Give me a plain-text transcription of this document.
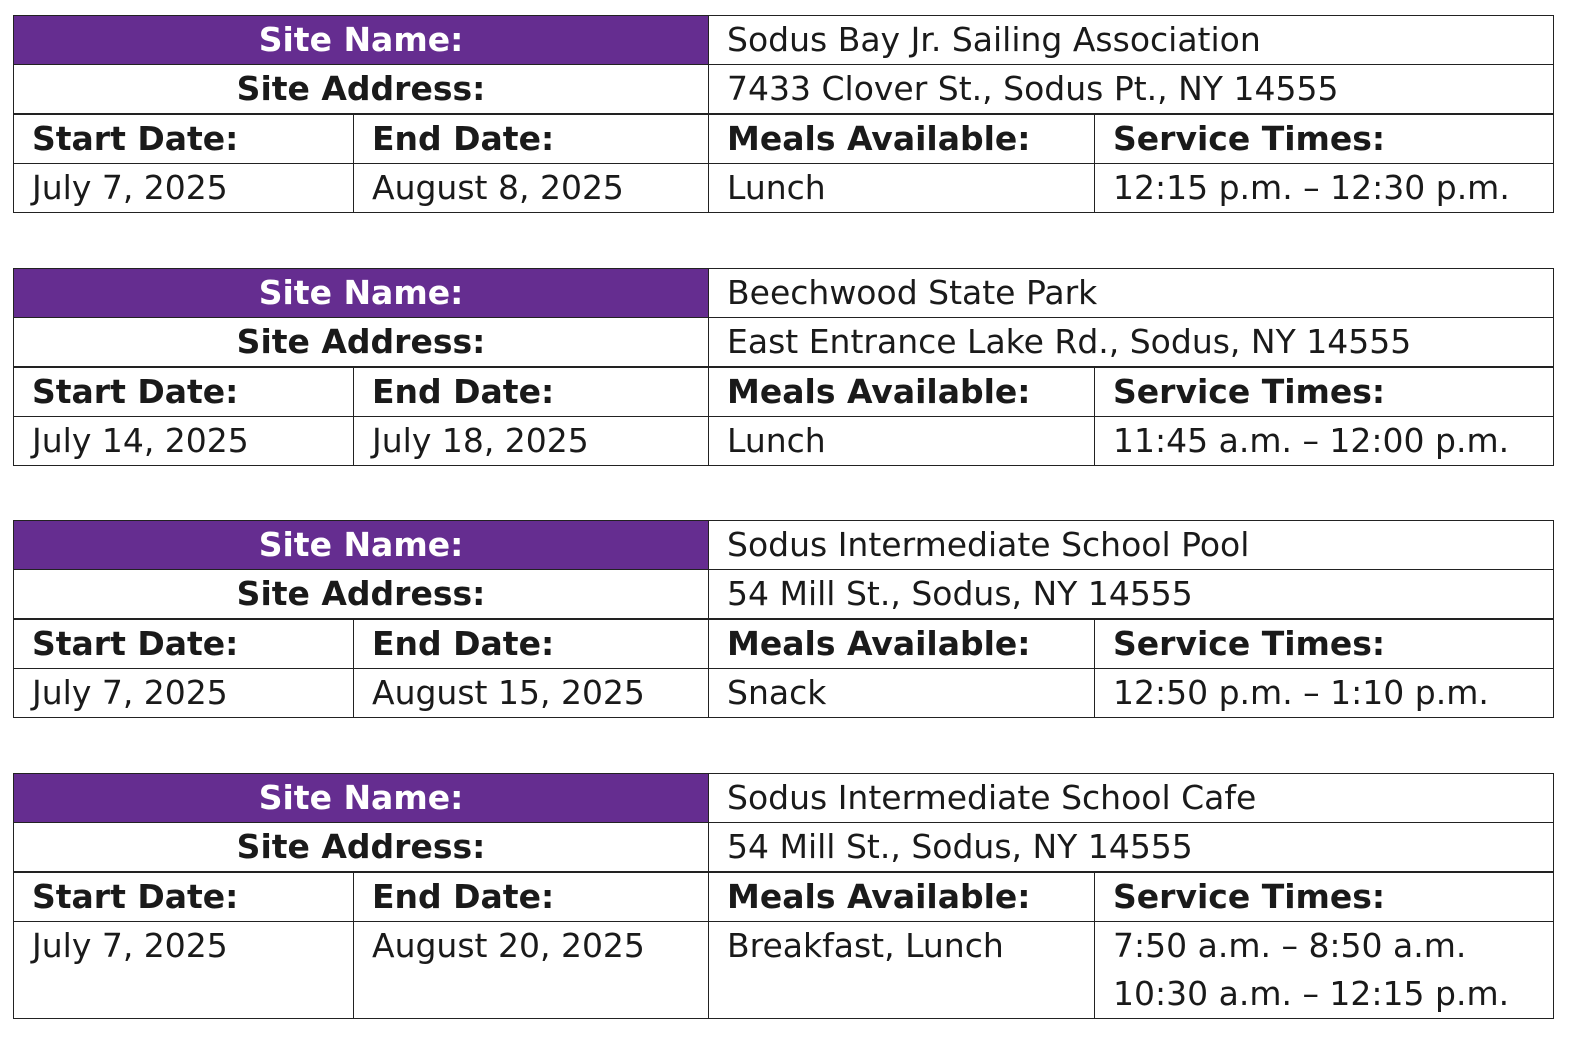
Site Name:		Sodus Bay Jr. Sailing Association	
Site Address:		7433 Clover St., Sodus Pt., NY 14555	
Start Date:	End Date:	Meals Available:	Service Times:
July 7, 2025	August 8, 2025	Lunch	12:15 p.m. – 12:30 p.m.
Site Name:		Beechwood State Park	
Site Address:		East Entrance Lake Rd., Sodus, NY 14555	
Start Date:	End Date:	Meals Available:	Service Times:
July 14, 2025	July 18, 2025	Lunch	11:45 a.m. – 12:00 p.m.
Site Name:		Sodus Intermediate School Pool	
Site Address:		54 Mill St., Sodus, NY 14555	
Start Date:	End Date:	Meals Available:	Service Times:
July 7, 2025	August 15, 2025	Snack	12:50 p.m. – 1:10 p.m.
Site Name:		Sodus Intermediate School Cafe	
Site Address:		54 Mill St., Sodus, NY 14555	
Start Date:	End Date:	Meals Available:	Service Times:

July 7, 2025	August 20, 2025	Breakfast, Lunch	7:50 a.m. – 8:50 a.m.
10:30 a.m. – 12:15 p.m.
